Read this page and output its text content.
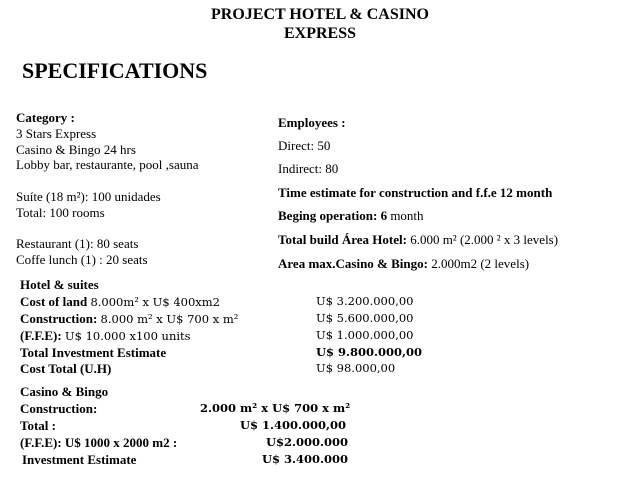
PROJECT HOTEL & CASINO
EXPRESS
SPECIFICATIONS
Category :
3 Stars Express
Casino & Bingo 24 hrs
Lobby bar, restaurante, pool ,sauna
Suíte (18 m²): 100 unidades
Total: 100 rooms
Restaurant (1): 80 seats
Coffe lunch (1) : 20 seats
Employees :
Direct: 50
Indirect: 80
Time estimate for construction and f.f.e 12 month
Beging operation: 6 month
Total build Área Hotel: 6.000 m² (2.000 ² x 3 levels)
Area max.Casino & Bingo: 2.000m2 (2 levels)
Hotel & suites
Cost of land 8.000m² x U$ 400xm2	U$ 3.200.000,00
Construction: 8.000 m² x U$ 700 x m²	U$ 5.600.000,00
(F.F.E): U$ 10.000 x100 units	U$ 1.000.000,00
Total Investment Estimate	U$ 9.800.000,00
Cost Total (U.H)	U$ 98.000,00
Casino & Bingo
Construction:	2.000 m² x U$ 700 x m²
Total :	U$ 1.400.000,00
(F.F.E): U$ 1000 x 2000 m2 :	U$2.000.000
Investment Estimate	U$ 3.400.000
